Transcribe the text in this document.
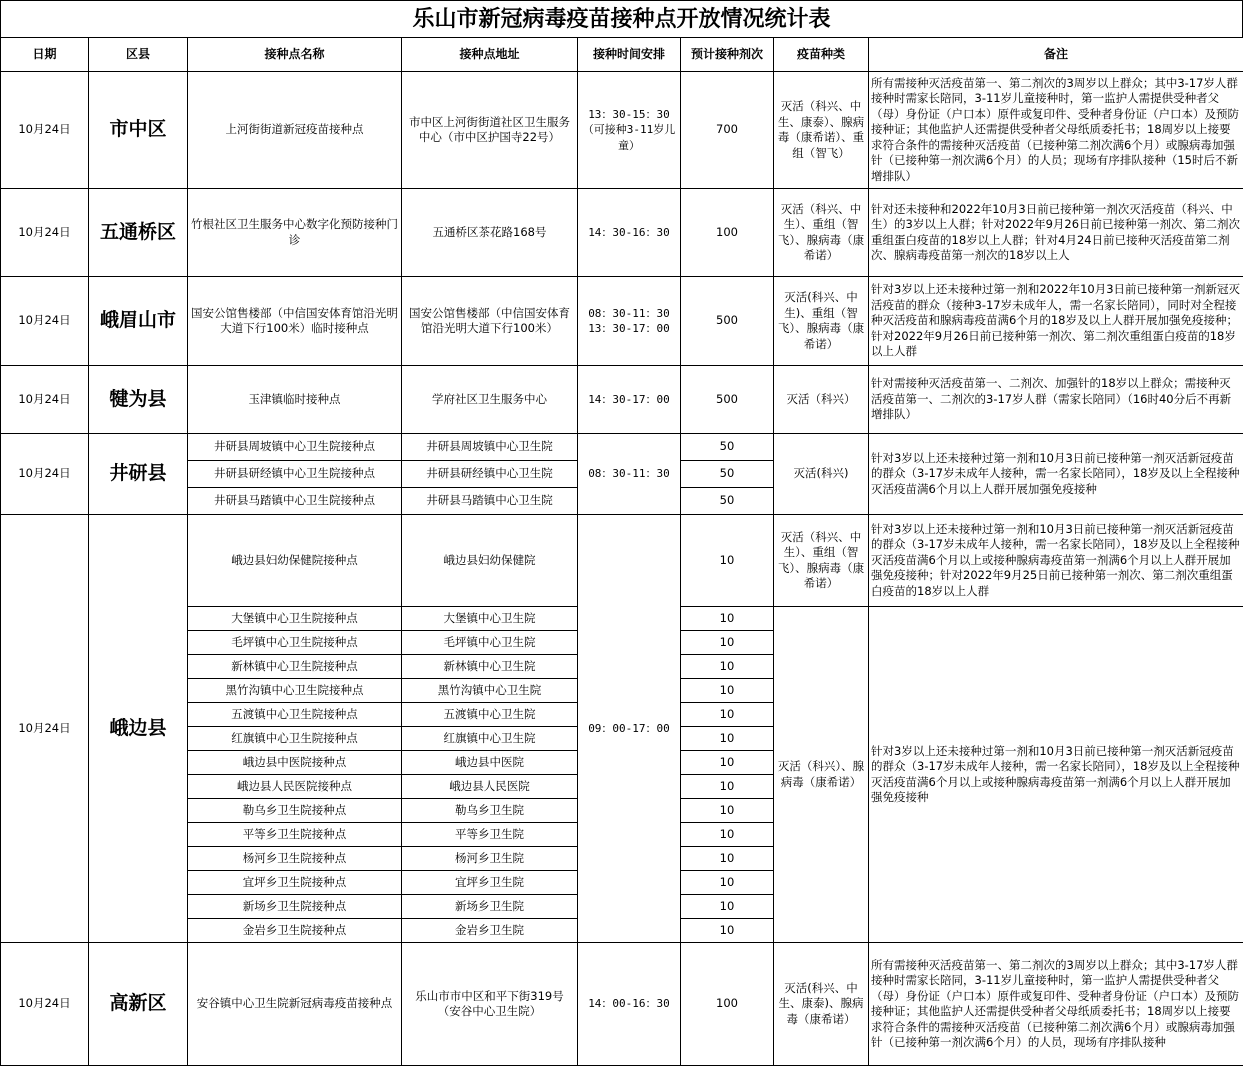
乐山市新冠病毒疫苗接种点开放情况统计表
日期	区县	接种点名称	接种点地址	接种时间安排	预计接种剂次	疫苗种类	备注
10月24日	市中区	上河街街道新冠疫苗接种点	市中区上河街街道社区卫生服务中心（市中区护国寺22号）	13：30-15：30
（可接种3-11岁儿童）	700	灭活（科兴、中生、康泰）、腺病毒（康希诺）、重组（智飞）	所有需接种灭活疫苗第一、第二剂次的3周岁以上群众；其中3-17岁人群接种时需家长陪同，3-11岁儿童接种时，第一监护人需提供受种者父（母）身份证（户口本）原件或复印件、受种者身份证（户口本）及预防接种证；其他监护人还需提供受种者父母纸质委托书；18周岁以上接要求符合条件的需接种灭活疫苗（已接种第二剂次满6个月）或腺病毒加强针（已接种第一剂次满6个月）的人员；现场有序排队接种（15时后不新增排队）
10月24日	五通桥区	竹根社区卫生服务中心数字化预防接种门诊	五通桥区茶花路168号	14：30-16：30	100	灭活（科兴、中生）、重组（智飞）、腺病毒（康希诺）	针对还未接种和2022年10月3日前已接种第一剂次灭活疫苗（科兴、中生）的3岁以上人群；针对2022年9月26日前已接种第一剂次、第二剂次重组蛋白疫苗的18岁以上人群；针对4月24日前已接种灭活疫苗第二剂次、腺病毒疫苗第一剂次的18岁以上人
10月24日	峨眉山市	国安公馆售楼部（中信国安体育馆沿光明大道下行100米）临时接种点	国安公馆售楼部（中信国安体育馆沿光明大道下行100米）	08：30-11：30
13：30-17：00	500	灭活(科兴、中生)、重组（智飞）、腺病毒（康希诺）	针对3岁以上还未接种过第一剂和2022年10月3日前已接种第一剂新冠灭活疫苗的群众（接种3-17岁未成年人，需一名家长陪同），同时对全程接种灭活疫苗和腺病毒疫苗满6个月的18岁及以上人群开展加强免疫接种；针对2022年9月26日前已接种第一剂次、第二剂次重组蛋白疫苗的18岁以上人群
10月24日	犍为县	玉津镇临时接种点	学府社区卫生服务中心	14：30-17：00	500	灭活（科兴）	针对需接种灭活疫苗第一、二剂次、加强针的18岁以上群众；需接种灭活疫苗第一、二剂次的3-17岁人群（需家长陪同）（16时40分后不再新增排队）
10月24日	井研县	井研县周坡镇中心卫生院接种点	井研县周坡镇中心卫生院	08：30-11：30	50	灭活(科兴)	针对3岁以上还未接种过第一剂和10月3日前已接种第一剂灭活新冠疫苗的群众（3-17岁未成年人接种，需一名家长陪同），18岁及以上全程接种灭活疫苗满6个月以上人群开展加强免疫接种
		井研县研经镇中心卫生院接种点	井研县研经镇中心卫生院		50		
		井研县马踏镇中心卫生院接种点	井研县马踏镇中心卫生院		50		
10月24日	峨边县	峨边县妇幼保健院接种点	峨边县妇幼保健院	09：00-17：00	10	灭活（科兴、中生）、重组（智飞）、腺病毒（康希诺）	针对3岁以上还未接种过第一剂和10月3日前已接种第一剂灭活新冠疫苗的群众（3-17岁未成年人接种，需一名家长陪同），18岁及以上全程接种灭活疫苗满6个月以上或接种腺病毒疫苗第一剂满6个月以上人群开展加强免疫接种；针对2022年9月25日前已接种第一剂次、第二剂次重组蛋白疫苗的18岁以上人群
		大堡镇中心卫生院接种点	大堡镇中心卫生院		10	灭活（科兴）、腺病毒（康希诺）	针对3岁以上还未接种过第一剂和10月3日前已接种第一剂灭活新冠疫苗的群众（3-17岁未成年人接种，需一名家长陪同），18岁及以上全程接种灭活疫苗满6个月以上或接种腺病毒疫苗第一剂满6个月以上人群开展加强免疫接种
		毛坪镇中心卫生院接种点	毛坪镇中心卫生院		10		
		新林镇中心卫生院接种点	新林镇中心卫生院		10		
		黑竹沟镇中心卫生院接种点	黑竹沟镇中心卫生院		10		
		五渡镇中心卫生院接种点	五渡镇中心卫生院		10		
		红旗镇中心卫生院接种点	红旗镇中心卫生院		10		
		峨边县中医院接种点	峨边县中医院		10		
		峨边县人民医院接种点	峨边县人民医院		10		
		勒乌乡卫生院接种点	勒乌乡卫生院		10		
		平等乡卫生院接种点	平等乡卫生院		10		
		杨河乡卫生院接种点	杨河乡卫生院		10		
		宜坪乡卫生院接种点	宜坪乡卫生院		10		
		新场乡卫生院接种点	新场乡卫生院		10		
		金岩乡卫生院接种点	金岩乡卫生院		10		
10月24日	高新区	安谷镇中心卫生院新冠病毒疫苗接种点	乐山市市中区和平下街319号（安谷中心卫生院）	14：00-16：30	100	灭活(科兴、中生、康泰)、腺病毒（康希诺）	所有需接种灭活疫苗第一、第二剂次的3周岁以上群众；其中3-17岁人群接种时需家长陪同，3-11岁儿童接种时，第一监护人需提供受种者父（母）身份证（户口本）原件或复印件、受种者身份证（户口本）及预防接种证；其他监护人还需提供受种者父母纸质委托书；18周岁以上接要求符合条件的需接种灭活疫苗（已接种第二剂次满6个月）或腺病毒加强针（已接种第一剂次满6个月）的人员，现场有序排队接种
